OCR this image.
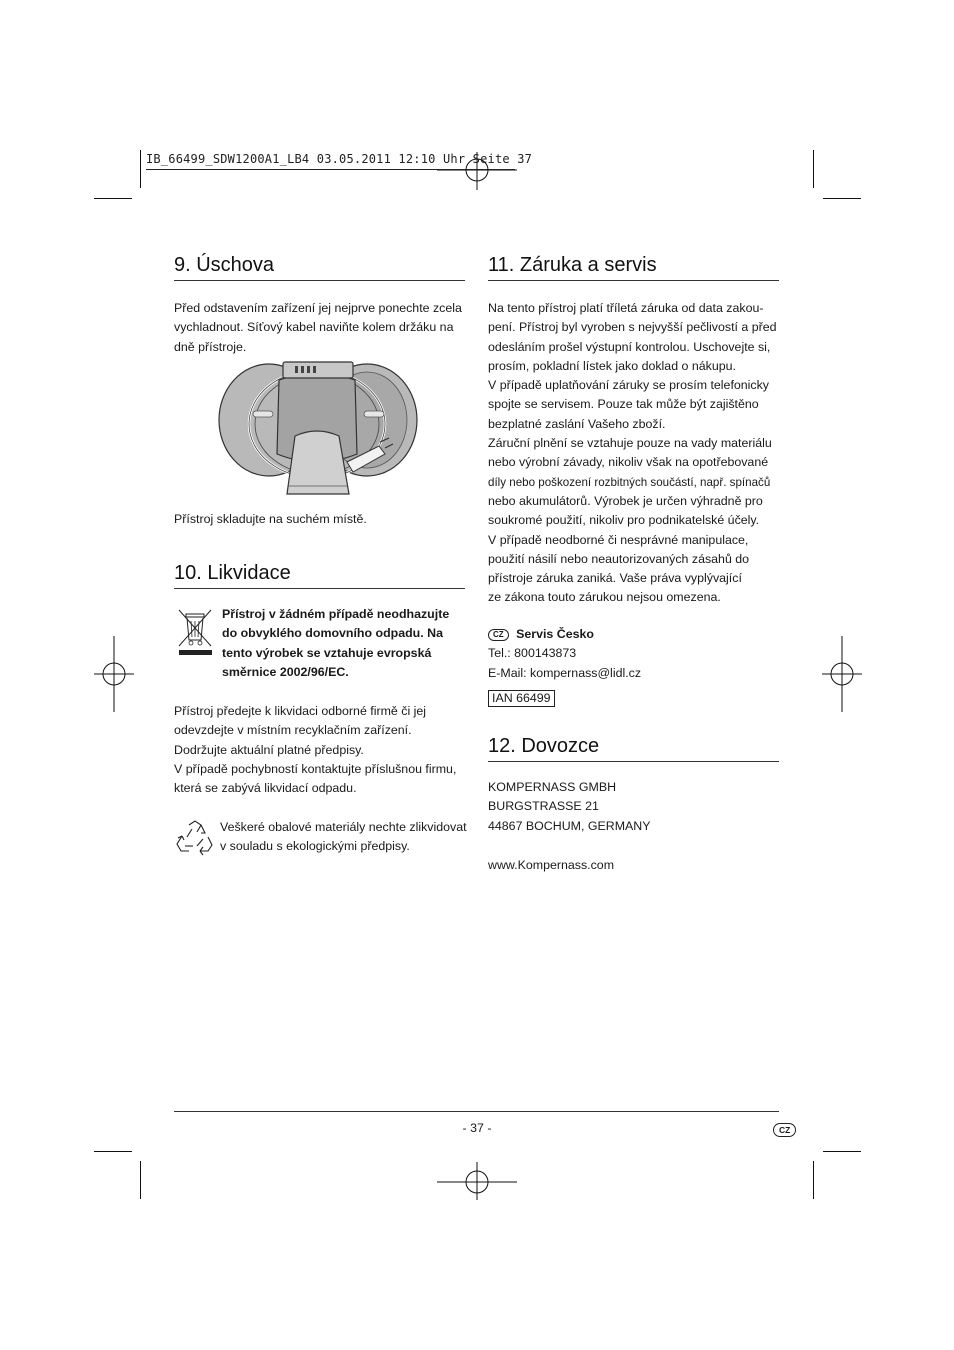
IB_66499_SDW1200A1_LB4 03.05.2011 12:10 Uhr Seite 37
9. Úschova
Před odstavením zařízení jej nejprve ponechte zcela
vychladnout. Síťový kabel naviňte kolem držáku na
dně přístroje.
Přístroj skladujte na suchém místě.
10. Likvidace
Přístroj v žádném případě neodhazujte
do obvyklého domovního odpadu. Na
tento výrobek se vztahuje evropská
směrnice 2002/96/EC.
Přístroj předejte k likvidaci odborné firmě či jej
odevzdejte v místním recyklačním zařízení.
Dodržujte aktuální platné předpisy.
V případě pochybností kontaktujte příslušnou firmu,
která se zabývá likvidací odpadu.
Veškeré obalové materiály nechte zlikvidovat
v souladu s ekologickými předpisy.
11. Záruka a servis
Na tento přístroj platí tříletá záruka od data zakou-
pení. Přístroj byl vyroben s nejvyšší pečlivostí a před
odesláním prošel výstupní kontrolou. Uschovejte si,
prosím, pokladní lístek jako doklad o nákupu.
V případě uplatňování záruky se prosím telefonicky
spojte se servisem. Pouze tak může být zajištěno
bezplatné zaslání Vašeho zboží.
Záruční plnění se vztahuje pouze na vady materiálu
nebo výrobní závady, nikoliv však na opotřebované
díly nebo poškození rozbitných součástí, např. spínačů
nebo akumulátorů. Výrobek je určen výhradně pro
soukromé použití, nikoliv pro podnikatelské účely.
V případě neodborné či nesprávné manipulace,
použití násilí nebo neautorizovaných zásahů do
přístroje záruka zaniká. Vaše práva vyplývající
ze zákona touto zárukou nejsou omezena.
CZ Servis Česko
Tel.: 800143873
E-Mail: kompernass@lidl.cz
IAN 66499
12. Dovozce
KOMPERNASS GMBH
BURGSTRASSE 21
44867 BOCHUM, GERMANY
www.Kompernass.com
- 37 -	CZ
